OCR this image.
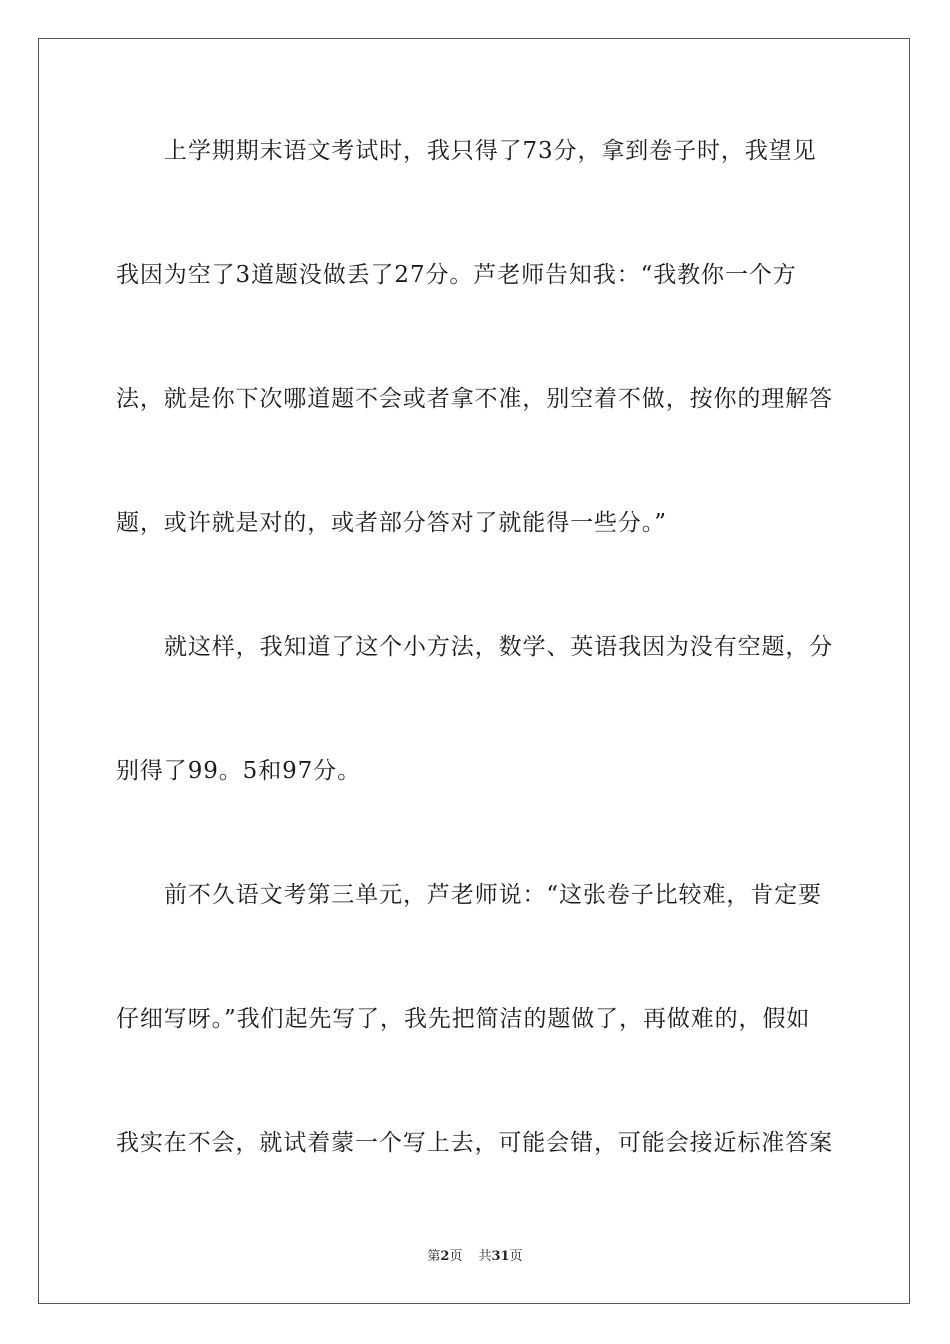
上学期期末语文考试时，我只得了73分，拿到卷子时，我望见
我因为空了3道题没做丢了27分。芦老师告知我：“我教你一个方
法，就是你下次哪道题不会或者拿不准，别空着不做，按你的理解答
题，或许就是对的，或者部分答对了就能得一些分。”
就这样，我知道了这个小方法，数学、英语我因为没有空题，分
别得了99。5和97分。
前不久语文考第三单元，芦老师说：“这张卷子比较难，肯定要
仔细写呀。”我们起先写了，我先把简洁的题做了，再做难的，假如
我实在不会，就试着蒙一个写上去，可能会错，可能会接近标准答案
第2页 共31页
